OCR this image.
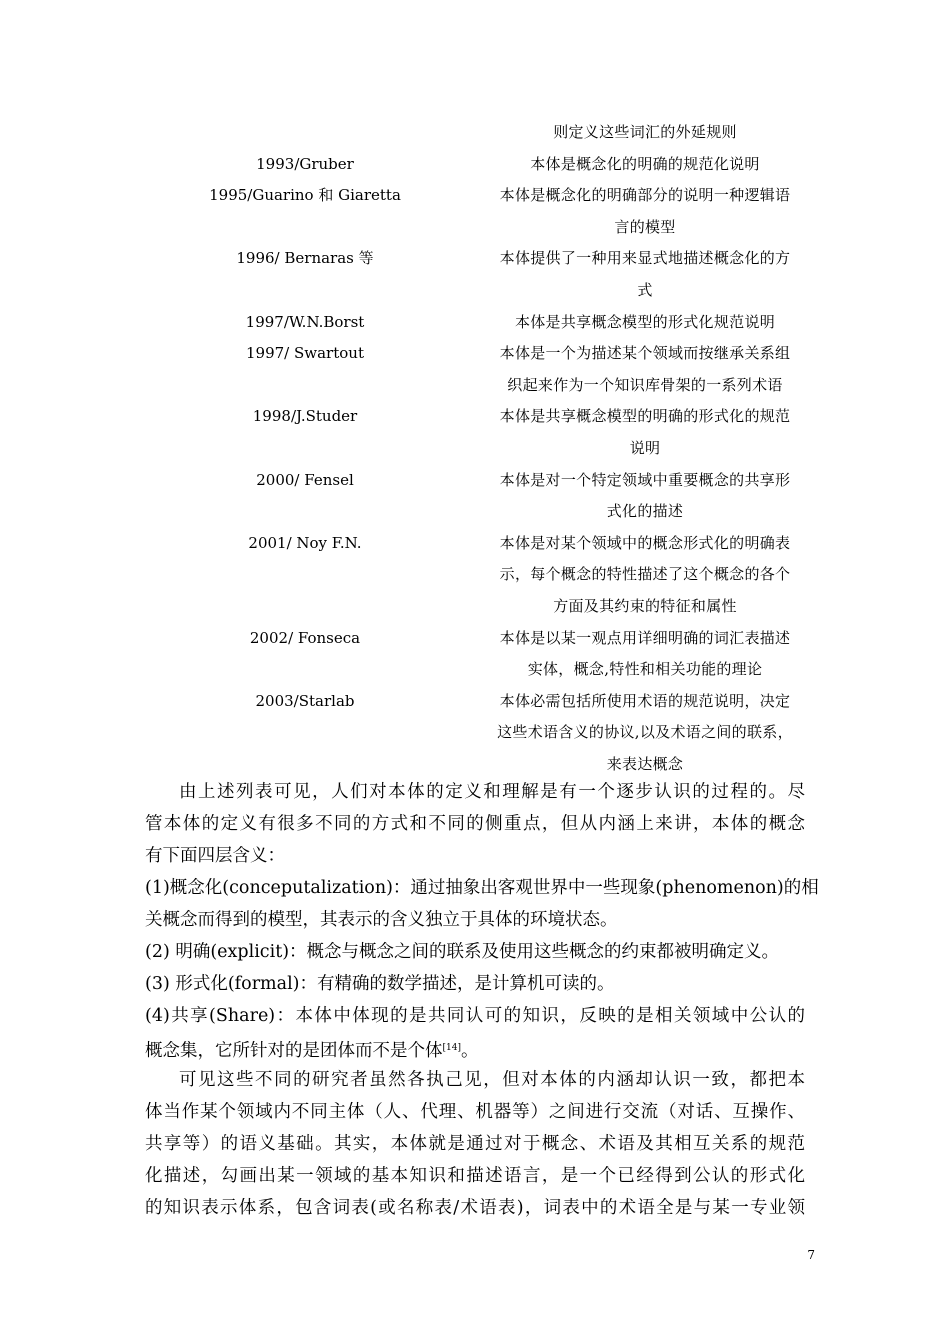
则定义这些词汇的外延规则
1993/Gruber	本体是概念化的明确的规范化说明
1995/Guarino 和 Giaretta	本体是概念化的明确部分的说明一种逻辑语
言的模型
1996/ Bernaras 等	本体提供了一种用来显式地描述概念化的方
式
1997/W.N.Borst	本体是共享概念模型的形式化规范说明
1997/ Swartout	本体是一个为描述某个领域而按继承关系组
织起来作为一个知识库骨架的一系列术语
1998/J.Studer	本体是共享概念模型的明确的形式化的规范
说明
2000/ Fensel	本体是对一个特定领域中重要概念的共享形
式化的描述
2001/ Noy F.N.	本体是对某个领域中的概念形式化的明确表
示，每个概念的特性描述了这个概念的各个
方面及其约束的特征和属性
2002/ Fonseca	本体是以某一观点用详细明确的词汇表描述
实体，概念,特性和相关功能的理论
2003/Starlab	本体必需包括所使用术语的规范说明，决定
这些术语含义的协议,以及术语之间的联系，
来表达概念
由上述列表可见，人们对本体的定义和理解是有一个逐步认识的过程的。尽
管本体的定义有很多不同的方式和不同的侧重点，但从内涵上来讲，本体的概念
有下面四层含义：
(1)概念化(conceputalization)：通过抽象出客观世界中一些现象(phenomenon)的相
关概念而得到的模型，其表示的含义独立于具体的环境状态。
(2) 明确(explicit)：概念与概念之间的联系及使用这些概念的约束都被明确定义。
(3) 形式化(formal)：有精确的数学描述，是计算机可读的。
(4)共享(Share)：本体中体现的是共同认可的知识，反映的是相关领域中公认的
概念集，它所针对的是团体而不是个体[14]。
可见这些不同的研究者虽然各执己见，但对本体的内涵却认识一致，都把本
体当作某个领域内不同主体（人、代理、机器等）之间进行交流（对话、互操作、
共享等）的语义基础。其实，本体就是通过对于概念、术语及其相互关系的规范
化描述，勾画出某一领域的基本知识和描述语言，是一个已经得到公认的形式化
的知识表示体系，包含词表(或名称表/术语表)，词表中的术语全是与某一专业领
7
